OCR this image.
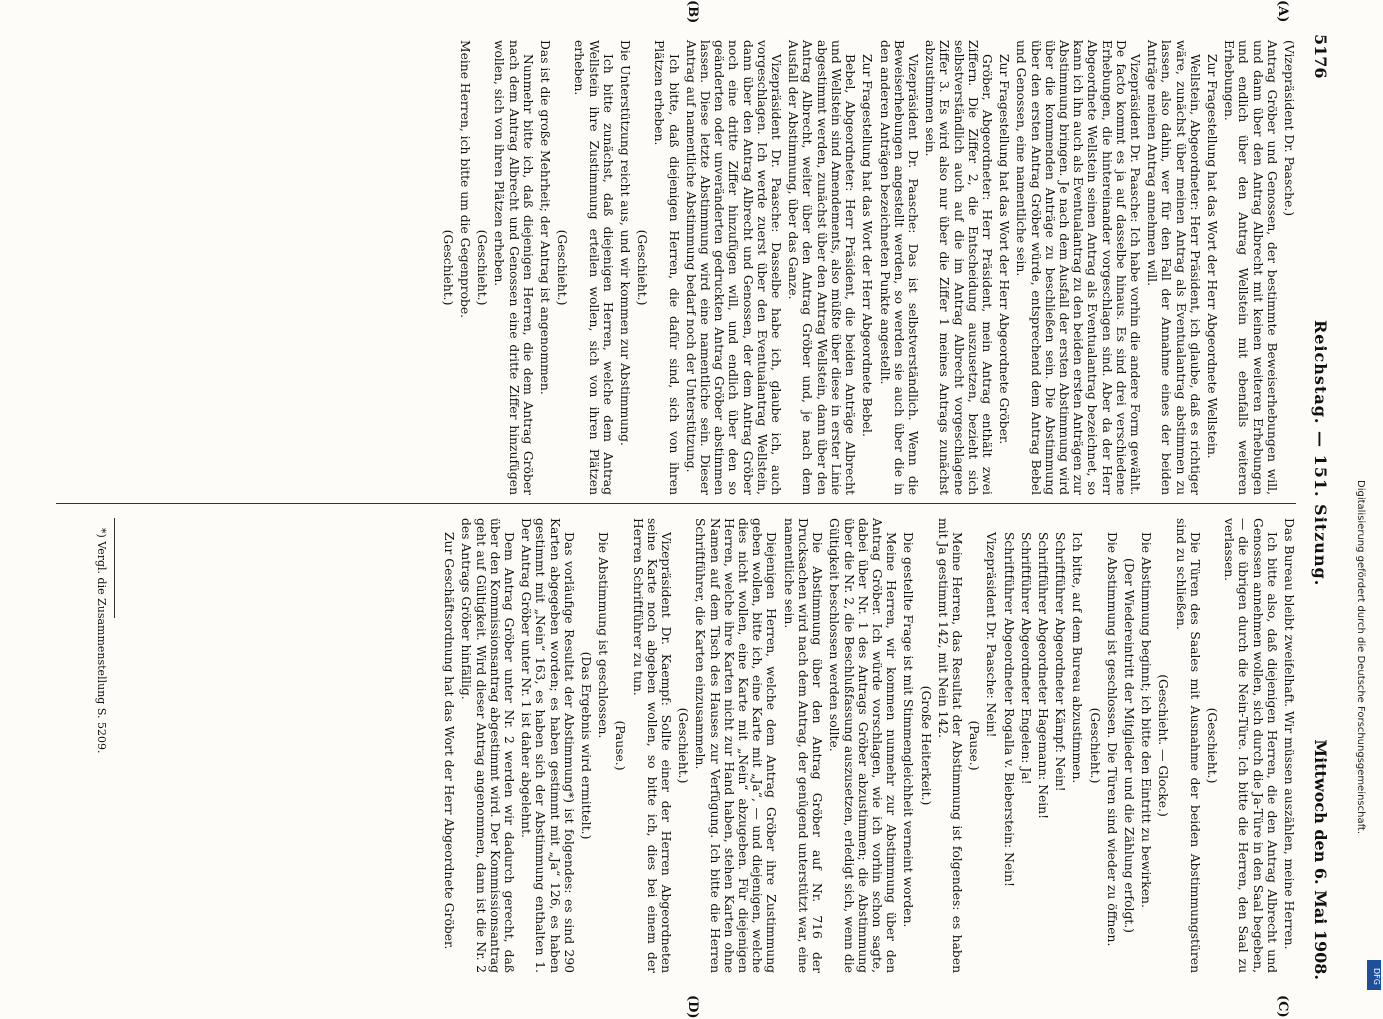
5176
Reichstag. — 151. Sitzung.
Mittwoch den 6. Mai 1908.
(A)
(B)
(C)
(D)

(Vizepräsident Dr. Paasche.)

Antrag Gröber und Genossen, der bestimmte Beweiserhebungen will, und dann über den Antrag Albrecht mit keinen weiteren Erhebungen und endlich über den Antrag Wellstein mit ebenfalls weiteren Erhebungen.

Zur Fragestellung hat das Wort der Herr Abgeordnete Wellstein.

Wellstein, Abgeordneter: Herr Präsident, ich glaube, daß es richtiger wäre, zunächst über meinen Antrag als Eventualantrag abstimmen zu lassen, also dahin, wer für den Fall der Annahme eines der beiden Anträge meinen Antrag annehmen will.

Vizepräsident Dr. Paasche: Ich habe vorhin die andere Form gewählt. De facto kommt es ja auf dasselbe hinaus. Es sind drei verschiedene Erhebungen, die hintereinander vorgeschlagen sind. Aber da der Herr Abgeordnete Wellstein seinen Antrag als Eventualantrag bezeichnet, so kann ich ihn auch als Eventualantrag zu den beiden ersten Anträgen zur Abstimmung bringen. Je nach dem Ausfall der ersten Abstimmung wird über die kommenden Anträge zu beschließen sein. Die Abstimmung über den ersten Antrag Gröber würde, entsprechend dem Antrag Bebel und Genossen, eine namentliche sein.

Zur Fragestellung hat das Wort der Herr Abgeordnete Gröber.

Gröber, Abgeordneter: Herr Präsident, mein Antrag enthält zwei Ziffern. Die Ziffer 2, die Entscheidung auszusetzen, bezieht sich selbstverständlich auch auf die im Antrag Albrecht vorgeschlagene Ziffer 3. Es wird also nur über die Ziffer 1 meines Antrags zunächst abzustimmen sein.

Vizepräsident Dr. Paasche: Das ist selbstverständlich. Wenn die Beweiserhebungen angestellt werden, so werden sie auch über die in den anderen Anträgen bezeichneten Punkte angestellt.

Zur Fragestellung hat das Wort der Herr Abgeordnete Bebel.

Bebel, Abgeordneter: Herr Präsident, die beiden Anträge Albrecht und Wellstein sind Amendements, also müßte über diese in erster Linie abgestimmt werden, zunächst über den Antrag Wellstein, dann über den Antrag Albrecht, weiter über den Antrag Gröber und, je nach dem Ausfall der Abstimmung, über das Ganze.

Vizepräsident Dr. Paasche: Dasselbe habe ich, glaube ich, auch vorgeschlagen. Ich werde zuerst über den Eventualantrag Wellstein, dann über den Antrag Albrecht und Genossen, der dem Antrag Gröber noch eine dritte Ziffer hinzufügen will, und endlich über den so geänderten oder unveränderten gedruckten Antrag Gröber abstimmen lassen. Diese letzte Abstimmung wird eine namentliche sein. Dieser Antrag auf namentliche Abstimmung bedarf noch der Unterstützung.

Ich bitte, daß diejenigen Herren, die dafür sind, sich von ihren Plätzen erheben.

(Geschieht.)

Die Unterstützung reicht aus, und wir kommen zur Abstimmung.

Ich bitte zunächst, daß diejenigen Herren, welche dem Antrag Wellstein ihre Zustimmung erteilen wollen, sich von ihren Plätzen erheben.

(Geschieht.)

Das ist die große Mehrheit; der Antrag ist angenommen.

Nunmehr bitte ich, daß diejenigen Herren, die dem Antrag Gröber nach dem Antrag Albrecht und Genossen eine dritte Ziffer hinzufügen wollen, sich von ihren Plätzen erheben.

(Geschieht.)

Meine Herren, ich bitte um die Gegenprobe.

(Geschieht.)

Das Bureau bleibt zweifelhaft. Wir müssen auszählen, meine Herren.

Ich bitte also, daß diejenigen Herren, die den Antrag Albrecht und Genossen annehmen wollen, sich durch die Ja-Türe in den Saal begeben, — die übrigen durch die Nein-Türe. Ich bitte die Herren, den Saal zu verlassen.

(Geschieht.)

Die Türen des Saales mit Ausnahme der beiden Abstimmungstüren sind zu schließen.

(Geschieht. — Glocke.)

Die Abstimmung beginnt; ich bitte den Eintritt zu bewirken.

(Der Wiedereintritt der Mitglieder und die Zählung erfolgt.)

Die Abstimmung ist geschlossen. Die Türen sind wieder zu öffnen.

(Geschieht.)

Ich bitte, auf dem Bureau abzustimmen.

Schriftführer Abgeordneter Kämpf: Nein!

Schriftführer Abgeordneter Hagemann: Nein!

Schriftführer Abgeordneter Engelen: Ja!

Schriftführer Abgeordneter Rogalla v. Bieberstein: Nein!

Vizepräsident Dr. Paasche: Nein!

(Pause.)

Meine Herren, das Resultat der Abstimmung ist folgendes: es haben mit Ja gestimmt 142, mit Nein 142.

(Große Heiterkeit.)

Die gestellte Frage ist mit Stimmengleichheit verneint worden.

Meine Herren, wir kommen nunmehr zur Abstimmung über den Antrag Gröber. Ich würde vorschlagen, wie ich vorhin schon sagte, dabei über Nr. 1 des Antrags Gröber abzustimmen; die Abstimmung über die Nr. 2, die Beschlußfassung auszusetzen, erledigt sich, wenn die Gültigkeit beschlossen werden sollte.

Die Abstimmung über den Antrag Gröber auf Nr. 716 der Drucksachen wird nach dem Antrag, der genügend unterstützt war, eine namentliche sein.

Diejenigen Herren, welche dem Antrag Gröber ihre Zustimmung geben wollen, bitte ich, eine Karte mit „Ja“, — und diejenigen, welche dies nicht wollen, eine Karte mit „Nein“ abzugeben. Für diejenigen Herren, welche ihre Karten nicht zur Hand haben, stehen Karten ohne Namen auf dem Tisch des Hauses zur Verfügung. Ich bitte die Herren Schriftführer, die Karten einzusammeln.

(Geschieht.)

Vizepräsident Dr. Kaempf: Sollte einer der Herren Abgeordneten seine Karte noch abgeben wollen, so bitte ich, dies bei einem der Herren Schriftführer zu tun.

(Pause.)

Die Abstimmung ist geschlossen.

(Das Ergebnis wird ermittelt.)

Das vorläufige Resultat der Abstimmung*) ist folgendes: es sind 290 Karten abgegeben worden; es haben gestimmt mit „Ja“ 126, es haben gestimmt mit „Nein“ 163, es haben sich der Abstimmung enthalten 1. Der Antrag Gröber unter Nr. 1 ist daher abgelehnt.

Dem Antrag Gröber unter Nr. 2 werden wir dadurch gerecht, daß über den Kommissionsantrag abgestimmt wird. Der Kommissionsantrag geht auf Gültigkeit. Wird dieser Antrag angenommen, dann ist die Nr. 2 des Antrags Gröber hinfällig.

Zur Geschäftsordnung hat das Wort der Herr Abgeordnete Gröber.

*) Vergl. die Zusammenstellung S. 5209.	Digitalisierung gefördert durch die Deutsche Forschungsgemeinschaft.
DFG
